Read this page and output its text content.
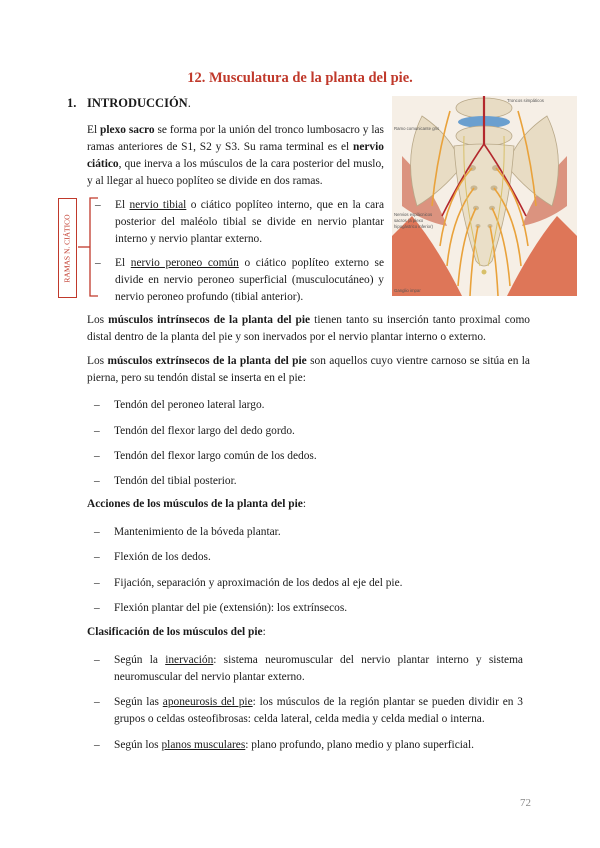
12. Musculatura de la planta del pie.
1. INTRODUCCIÓN.
El plexo sacro se forma por la unión del tronco lumbosacro y las ramas anteriores de S1, S2 y S3. Su rama terminal es el nervio ciático, que inerva a los músculos de la cara posterior del muslo, y al llegar al hueco poplíteo se divide en dos ramas.
RAMAS N. CIÁTICO
– El nervio tibial o ciático poplíteo interno, que en la cara posterior del maléolo tibial se divide en nervio plantar interno y nervio plantar externo.
– El nervio peroneo común o ciático poplíteo externo se divide en nervio peroneo superficial (musculocutáneo) y nervio peroneo profundo (tibial anterior).
Troncos simpáticos
Ramo comunicante gris
Nervios esplácnicos
sacros (a plexo
hipogástrico inferior)
Ganglio impar
Los músculos intrínsecos de la planta del pie tienen tanto su inserción tanto proximal como distal dentro de la planta del pie y son inervados por el nervio plantar interno o externo.
Los músculos extrínsecos de la planta del pie son aquellos cuyo vientre carnoso se sitúa en la pierna, pero su tendón distal se inserta en el pie:
– Tendón del peroneo lateral largo.
– Tendón del flexor largo del dedo gordo.
– Tendón del flexor largo común de los dedos.
– Tendón del tibial posterior.
Acciones de los músculos de la planta del pie:
– Mantenimiento de la bóveda plantar.
– Flexión de los dedos.
– Fijación, separación y aproximación de los dedos al eje del pie.
– Flexión plantar del pie (extensión): los extrínsecos.
Clasificación de los músculos del pie:
– Según la inervación: sistema neuromuscular del nervio plantar interno y sistema neuromuscular del nervio plantar externo.
– Según las aponeurosis del pie: los músculos de la región plantar se pueden dividir en 3 grupos o celdas osteofibrosas: celda lateral, celda media y celda medial o interna.
– Según los planos musculares: plano profundo, plano medio y plano superficial.
72
